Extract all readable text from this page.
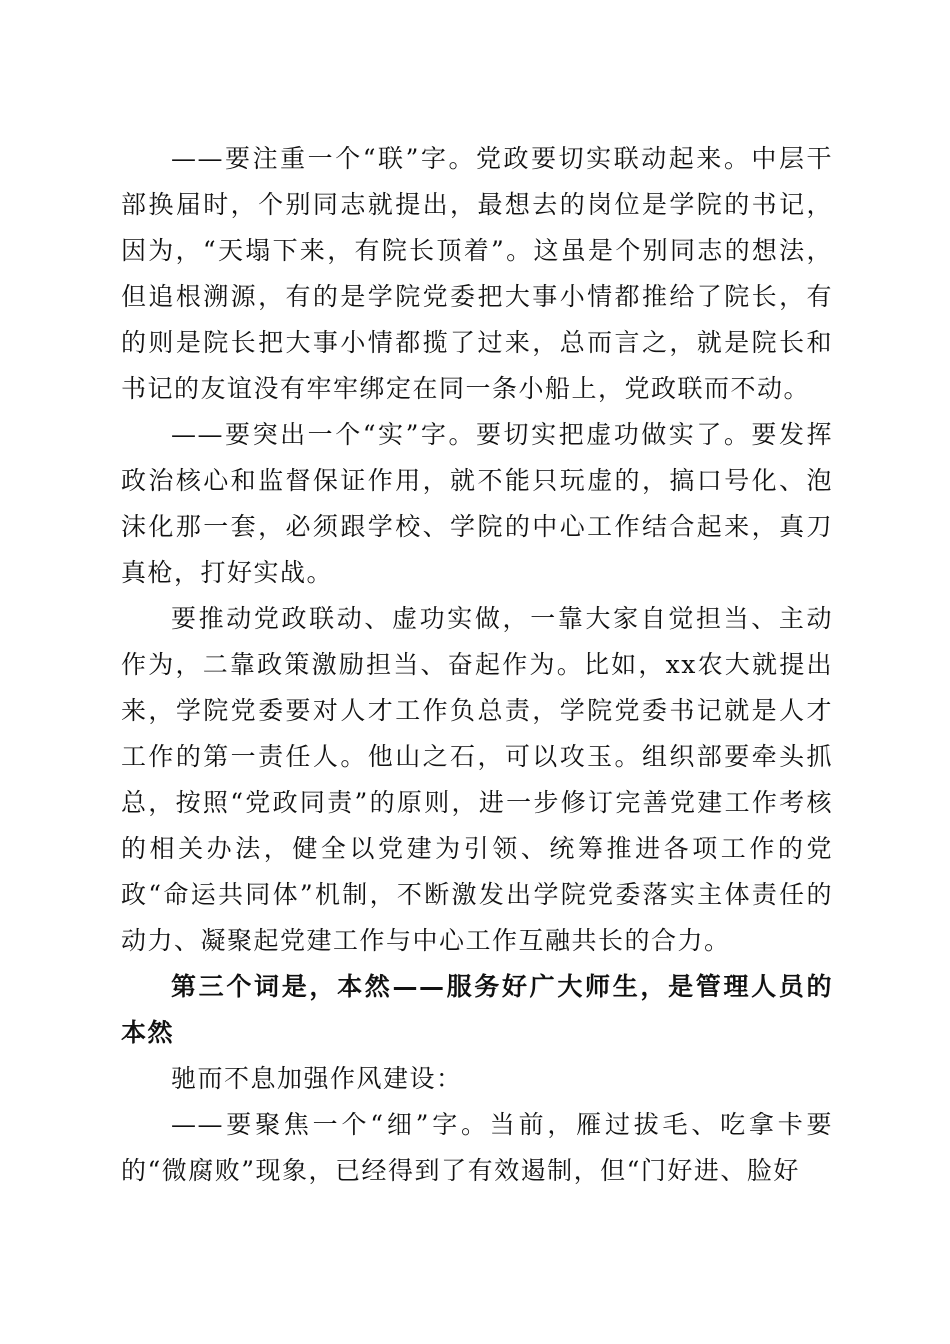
——要注重一个“联”字。党政要切实联动起来。中层干部换届时，个别同志就提出，最想去的岗位是学院的书记，因为，“天塌下来，有院长顶着”。这虽是个别同志的想法，但追根溯源，有的是学院党委把大事小情都推给了院长，有的则是院长把大事小情都揽了过来，总而言之，就是院长和书记的友谊没有牢牢绑定在同一条小船上，党政联而不动。

——要突出一个“实”字。要切实把虚功做实了。要发挥政治核心和监督保证作用，就不能只玩虚的，搞口号化、泡沫化那一套，必须跟学校、学院的中心工作结合起来，真刀真枪，打好实战。

要推动党政联动、虚功实做，一靠大家自觉担当、主动作为，二靠政策激励担当、奋起作为。比如，xx农大就提出来，学院党委要对人才工作负总责，学院党委书记就是人才工作的第一责任人。他山之石，可以攻玉。组织部要牵头抓总，按照“党政同责”的原则，进一步修订完善党建工作考核的相关办法，健全以党建为引领、统筹推进各项工作的党政“命运共同体”机制，不断激发出学院党委落实主体责任的动力、凝聚起党建工作与中心工作互融共长的合力。

第三个词是，本然——服务好广大师生，是管理人员的本然

驰而不息加强作风建设：

——要聚焦一个“细”字。当前，雁过拔毛、吃拿卡要的“微腐败”现象，已经得到了有效遏制，但“门好进、脸好
